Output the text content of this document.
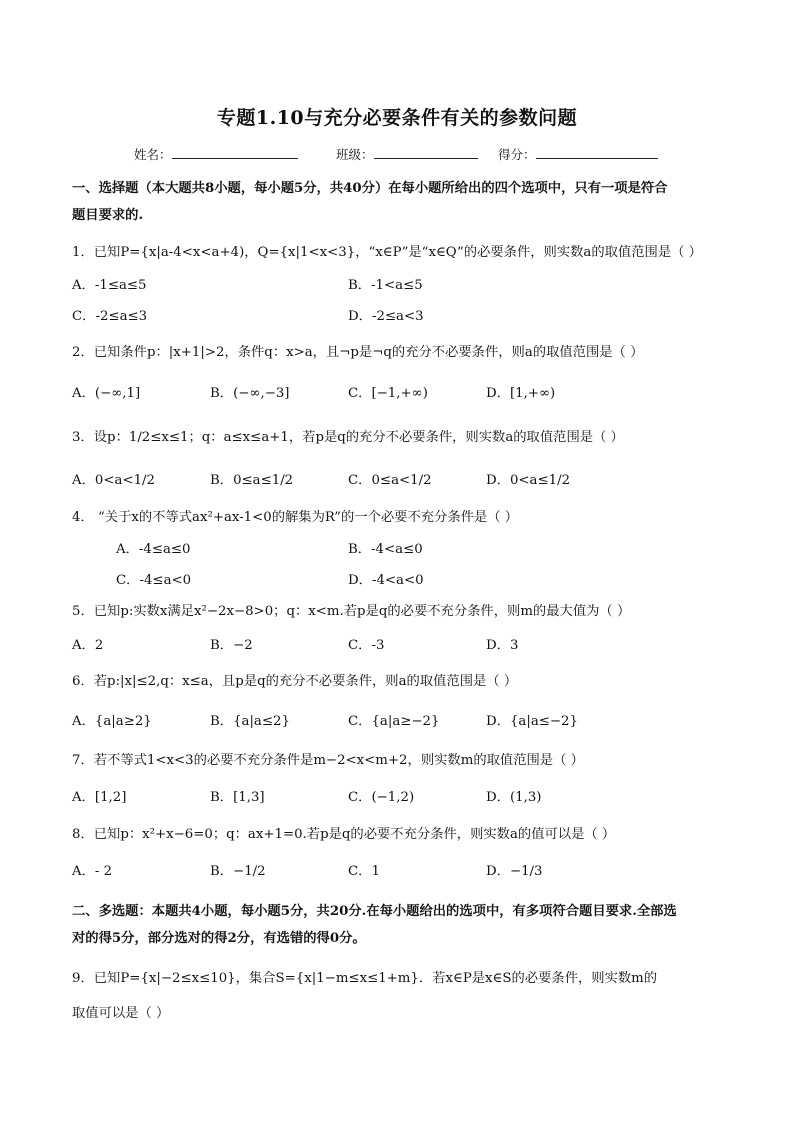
专题1.10与充分必要条件有关的参数问题
姓名：	班级：	得分：
一、选择题（本大题共8小题，每小题5分，共40分）在每小题所给出的四个选项中，只有一项是符合
题目要求的.
1．已知P={x|a-4<x<a+4)，Q={x|1<x<3}，“x∈P”是“x∈Q”的必要条件，则实数a的取值范围是（ ）
A．-1≤a≤5	B．-1<a≤5
C．-2≤a≤3	D．-2≤a<3
2．已知条件p：|x+1|>2，条件q：x>a，且¬p是¬q的充分不必要条件，则a的取值范围是（ ）
A．(−∞,1]	B．(−∞,−3]	C．[−1,+∞)	D．[1,+∞)
3．设p：1/2≤x≤1；q：a≤x≤a+1，若p是q的充分不必要条件，则实数a的取值范围是（ ）
A．0<a<1/2	B．0≤a≤1/2	C．0≤a<1/2	D．0<a≤1/2
4． “关于x的不等式ax²+ax-1<0的解集为R”的一个必要不充分条件是（ ）
A．-4≤a≤0	B．-4<a≤0
C．-4≤a<0	D．-4<a<0
5．已知p:实数x满足x²−2x−8>0；q：x<m.若p是q的必要不充分条件，则m的最大值为（ ）
A．2	B．−2	C．-3	D．3
6．若p:|x|≤2,q：x≤a，且p是q的充分不必要条件，则a的取值范围是（ ）
A．{a|a≥2}	B．{a|a≤2}	C．{a|a≥−2}	D．{a|a≤−2}
7．若不等式1<x<3的必要不充分条件是m−2<x<m+2，则实数m的取值范围是（ ）
A．[1,2]	B．[1,3]	C．(−1,2)	D．(1,3)
8．已知p：x²+x−6=0；q：ax+1=0.若p是q的必要不充分条件，则实数a的值可以是（ ）
A．- 2	B．−1/2	C．1	D．−1/3
二、多选题：本题共4小题，每小题5分，共20分.在每小题给出的选项中，有多项符合题目要求.全部选
对的得5分，部分选对的得2分，有选错的得0分。
9．已知P={x|−2≤x≤10}，集合S={x|1−m≤x≤1+m}．若x∈P是x∈S的必要条件，则实数m的
取值可以是（ ）
